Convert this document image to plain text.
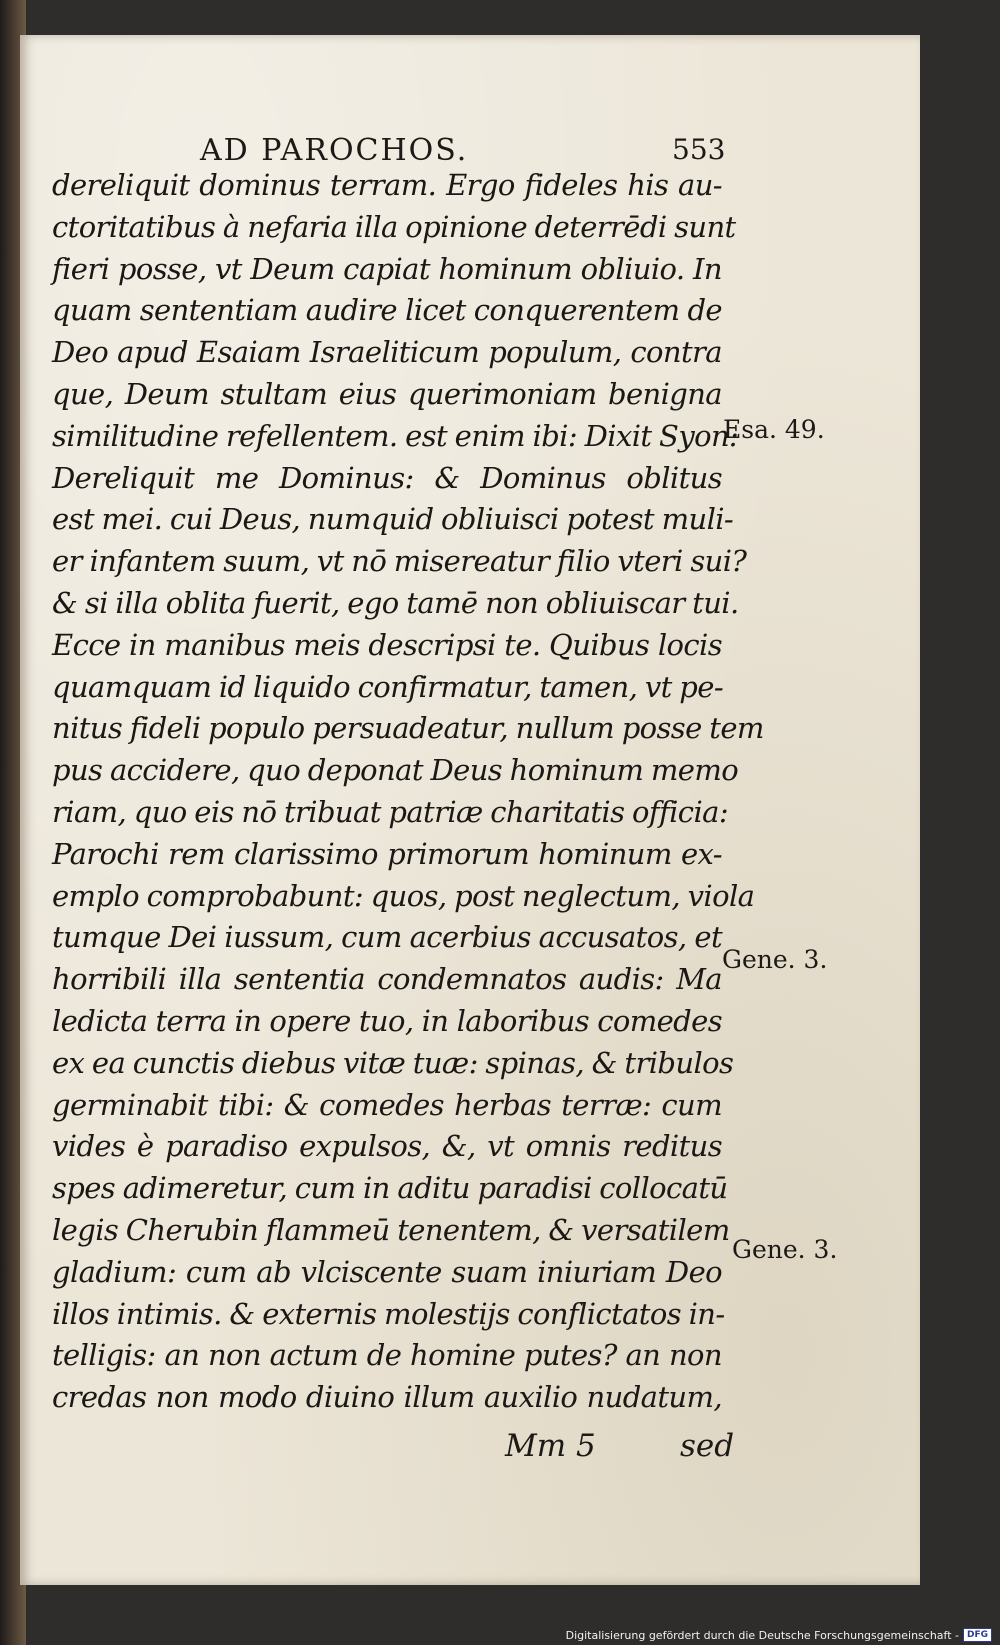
AD PAROCHOS.	553
dereliquit dominus terram. Ergo fideles his au-
ctoritatibus à nefaria illa opinione deterrēdi sunt
fieri posse, vt Deum capiat hominum obliuio. In
quam sententiam audire licet conquerentem de
Deo apud Esaiam Israeliticum populum, contra
que, Deum stultam eius querimoniam benigna
similitudine refellentem. est enim ibi: Dixit Syon:
Dereliquit me Dominus: & Dominus oblitus
est mei. cui Deus, numquid obliuisci potest muli-
er infantem suum, vt nō misereatur filio vteri sui?
& si illa oblita fuerit, ego tamē non obliuiscar tui.
Ecce in manibus meis descripsi te. Quibus locis
quamquam id liquido confirmatur, tamen, vt pe-
nitus fideli populo persuadeatur, nullum posse tem
pus accidere, quo deponat Deus hominum memo
riam, quo eis nō tribuat patriæ charitatis officia:
Parochi rem clarissimo primorum hominum ex-
emplo comprobabunt: quos, post neglectum, viola
tumque Dei iussum, cum acerbius accusatos, et
horribili illa sententia condemnatos audis: Ma
ledicta terra in opere tuo, in laboribus comedes
ex ea cunctis diebus vitæ tuæ: spinas, & tribulos
germinabit tibi: & comedes herbas terræ: cum
vides è paradiso expulsos, &, vt omnis reditus
spes adimeretur, cum in aditu paradisi collocatū
legis Cherubin flammeū tenentem, & versatilem
gladium: cum ab vlciscente suam iniuriam Deo
illos intimis. & externis molestijs conflictatos in-
telligis: an non actum de homine putes? an non
credas non modo diuino illum auxilio nudatum,
Esa. 49.
Gene. 3.
Gene. 3.
Mm 5	sed
Digitalisierung gefördert durch die Deutsche Forschungsgemeinschaft - DFG
